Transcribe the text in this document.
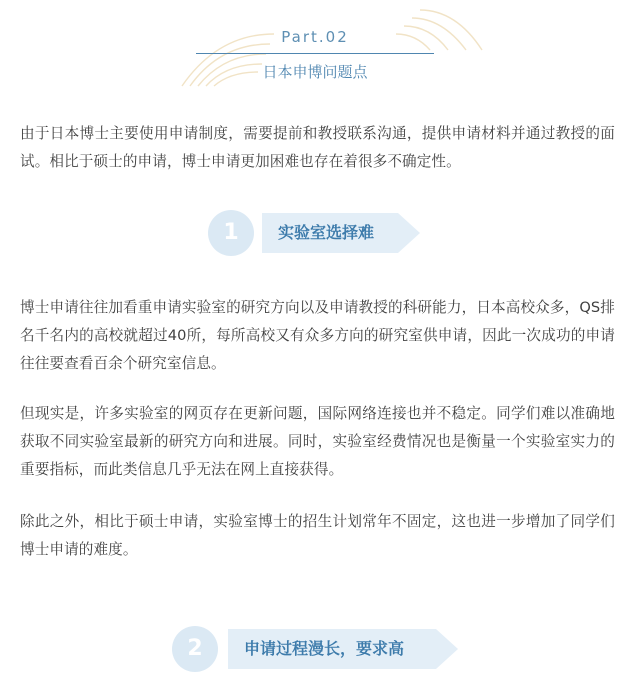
Part.02
日本申博问题点

由于日本博士主要使用申请制度，需要提前和教授联系沟通，提供申请材料并通过教授的面试。相比于硕士的申请，博士申请更加困难也存在着很多不确定性。

1	实验室选择难

博士申请往往加看重申请实验室的研究方向以及申请教授的科研能力，日本高校众多，QS排名千名内的高校就超过40所，每所高校又有众多方向的研究室供申请，因此一次成功的申请往往要查看百余个研究室信息。

但现实是，许多实验室的网页存在更新问题，国际网络连接也并不稳定。同学们难以准确地获取不同实验室最新的研究方向和进展。同时，实验室经费情况也是衡量一个实验室实力的重要指标，而此类信息几乎无法在网上直接获得。

除此之外，相比于硕士申请，实验室博士的招生计划常年不固定，这也进一步增加了同学们博士申请的难度。

2	申请过程漫长，要求高
